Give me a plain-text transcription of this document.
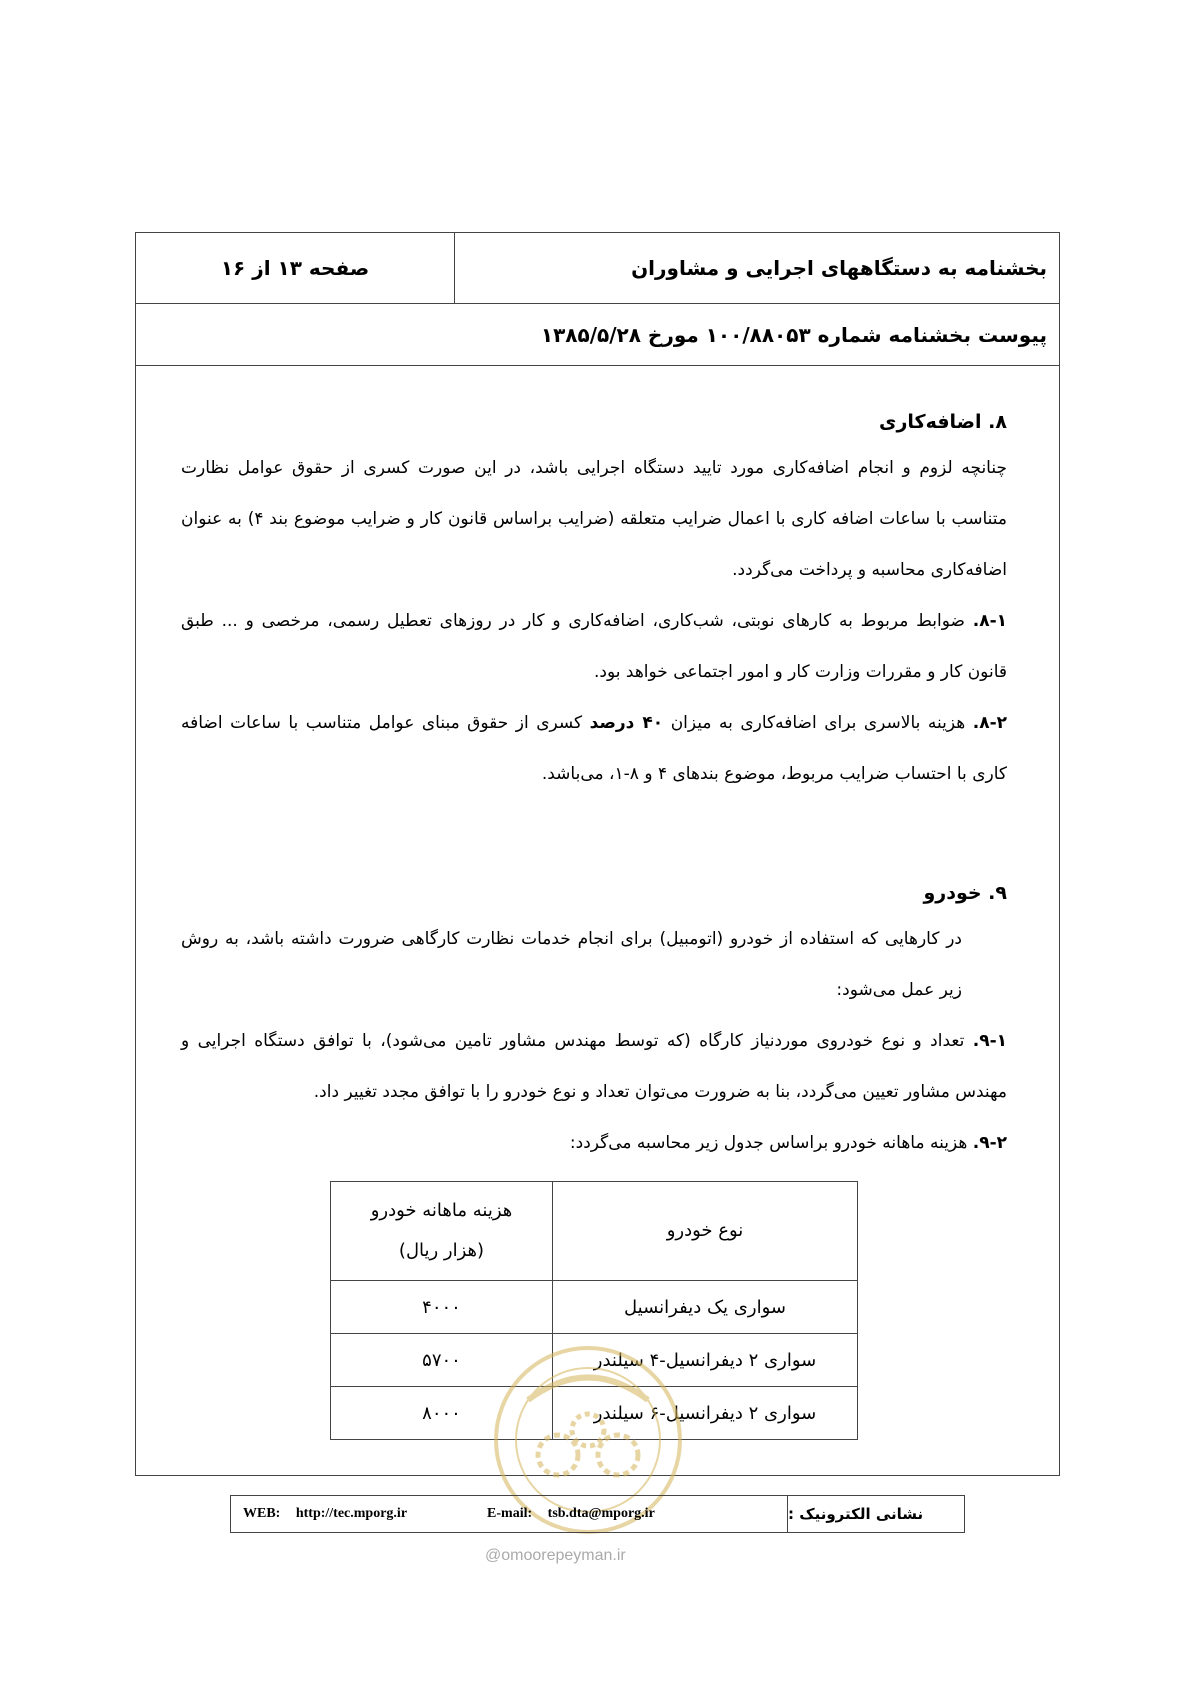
بخشنامه به دستگاههای اجرایی و مشاوران
صفحه ۱۳ از ۱۶
پیوست بخشنامه شماره ۱۰۰/۸۸۰۵۳ مورخ ۱۳۸۵/۵/۲۸
۸. اضافه‌کاری

چنانچه لزوم و انجام اضافه‌کاری مورد تایید دستگاه اجرایی باشد، در این صورت کسری از حقوق عوامل نظارت متناسب با ساعات اضافه کاری با اعمال ضرایب متعلقه (ضرایب براساس قانون کار و ضرایب موضوع بند ۴) به عنوان اضافه‌کاری محاسبه و پرداخت می‌گردد.

۸-۱. ضوابط مربوط به کارهای نوبتی، شب‌کاری، اضافه‌کاری و کار در روزهای تعطیل رسمی، مرخصی و ... طبق قانون کار و مقررات وزارت کار و امور اجتماعی خواهد بود.
۸-۲. هزینه بالاسری برای اضافه‌کاری به میزان ۴۰ درصد کسری از حقوق مبنای عوامل متناسب با ساعات اضافه کاری با احتساب ضرایب مربوط، موضوع بندهای ۴ و ۸-۱، می‌باشد.
۹. خودرو

در کارهایی که استفاده از خودرو (اتومبیل) برای انجام خدمات نظارت کارگاهی ضرورت داشته باشد، به روش زیر عمل می‌شود:

۹-۱. تعداد و نوع خودروی موردنیاز کارگاه (که توسط مهندس مشاور تامین می‌شود)، با توافق دستگاه اجرایی و مهندس مشاور تعیین می‌گردد، بنا به ضرورت می‌توان تعداد و نوع خودرو را با توافق مجدد تغییر داد.
۹-۲. هزینه ماهانه خودرو براساس جدول زیر محاسبه می‌گردد:
نوع خودرو	هزینه ماهانه خودرو
(هزار ریال)

سواری یک دیفرانسیل	۴۰۰۰
سواری ۲ دیفرانسیل-۴ سیلندر	۵۷۰۰
سواری ۲ دیفرانسیل-۶ سیلندر	۸۰۰۰
WEB: http://tec.mporg.ir	E-mail: tsb.dta@mporg.ir	نشانی الکترونیک :
@omoorepeyman.ir
